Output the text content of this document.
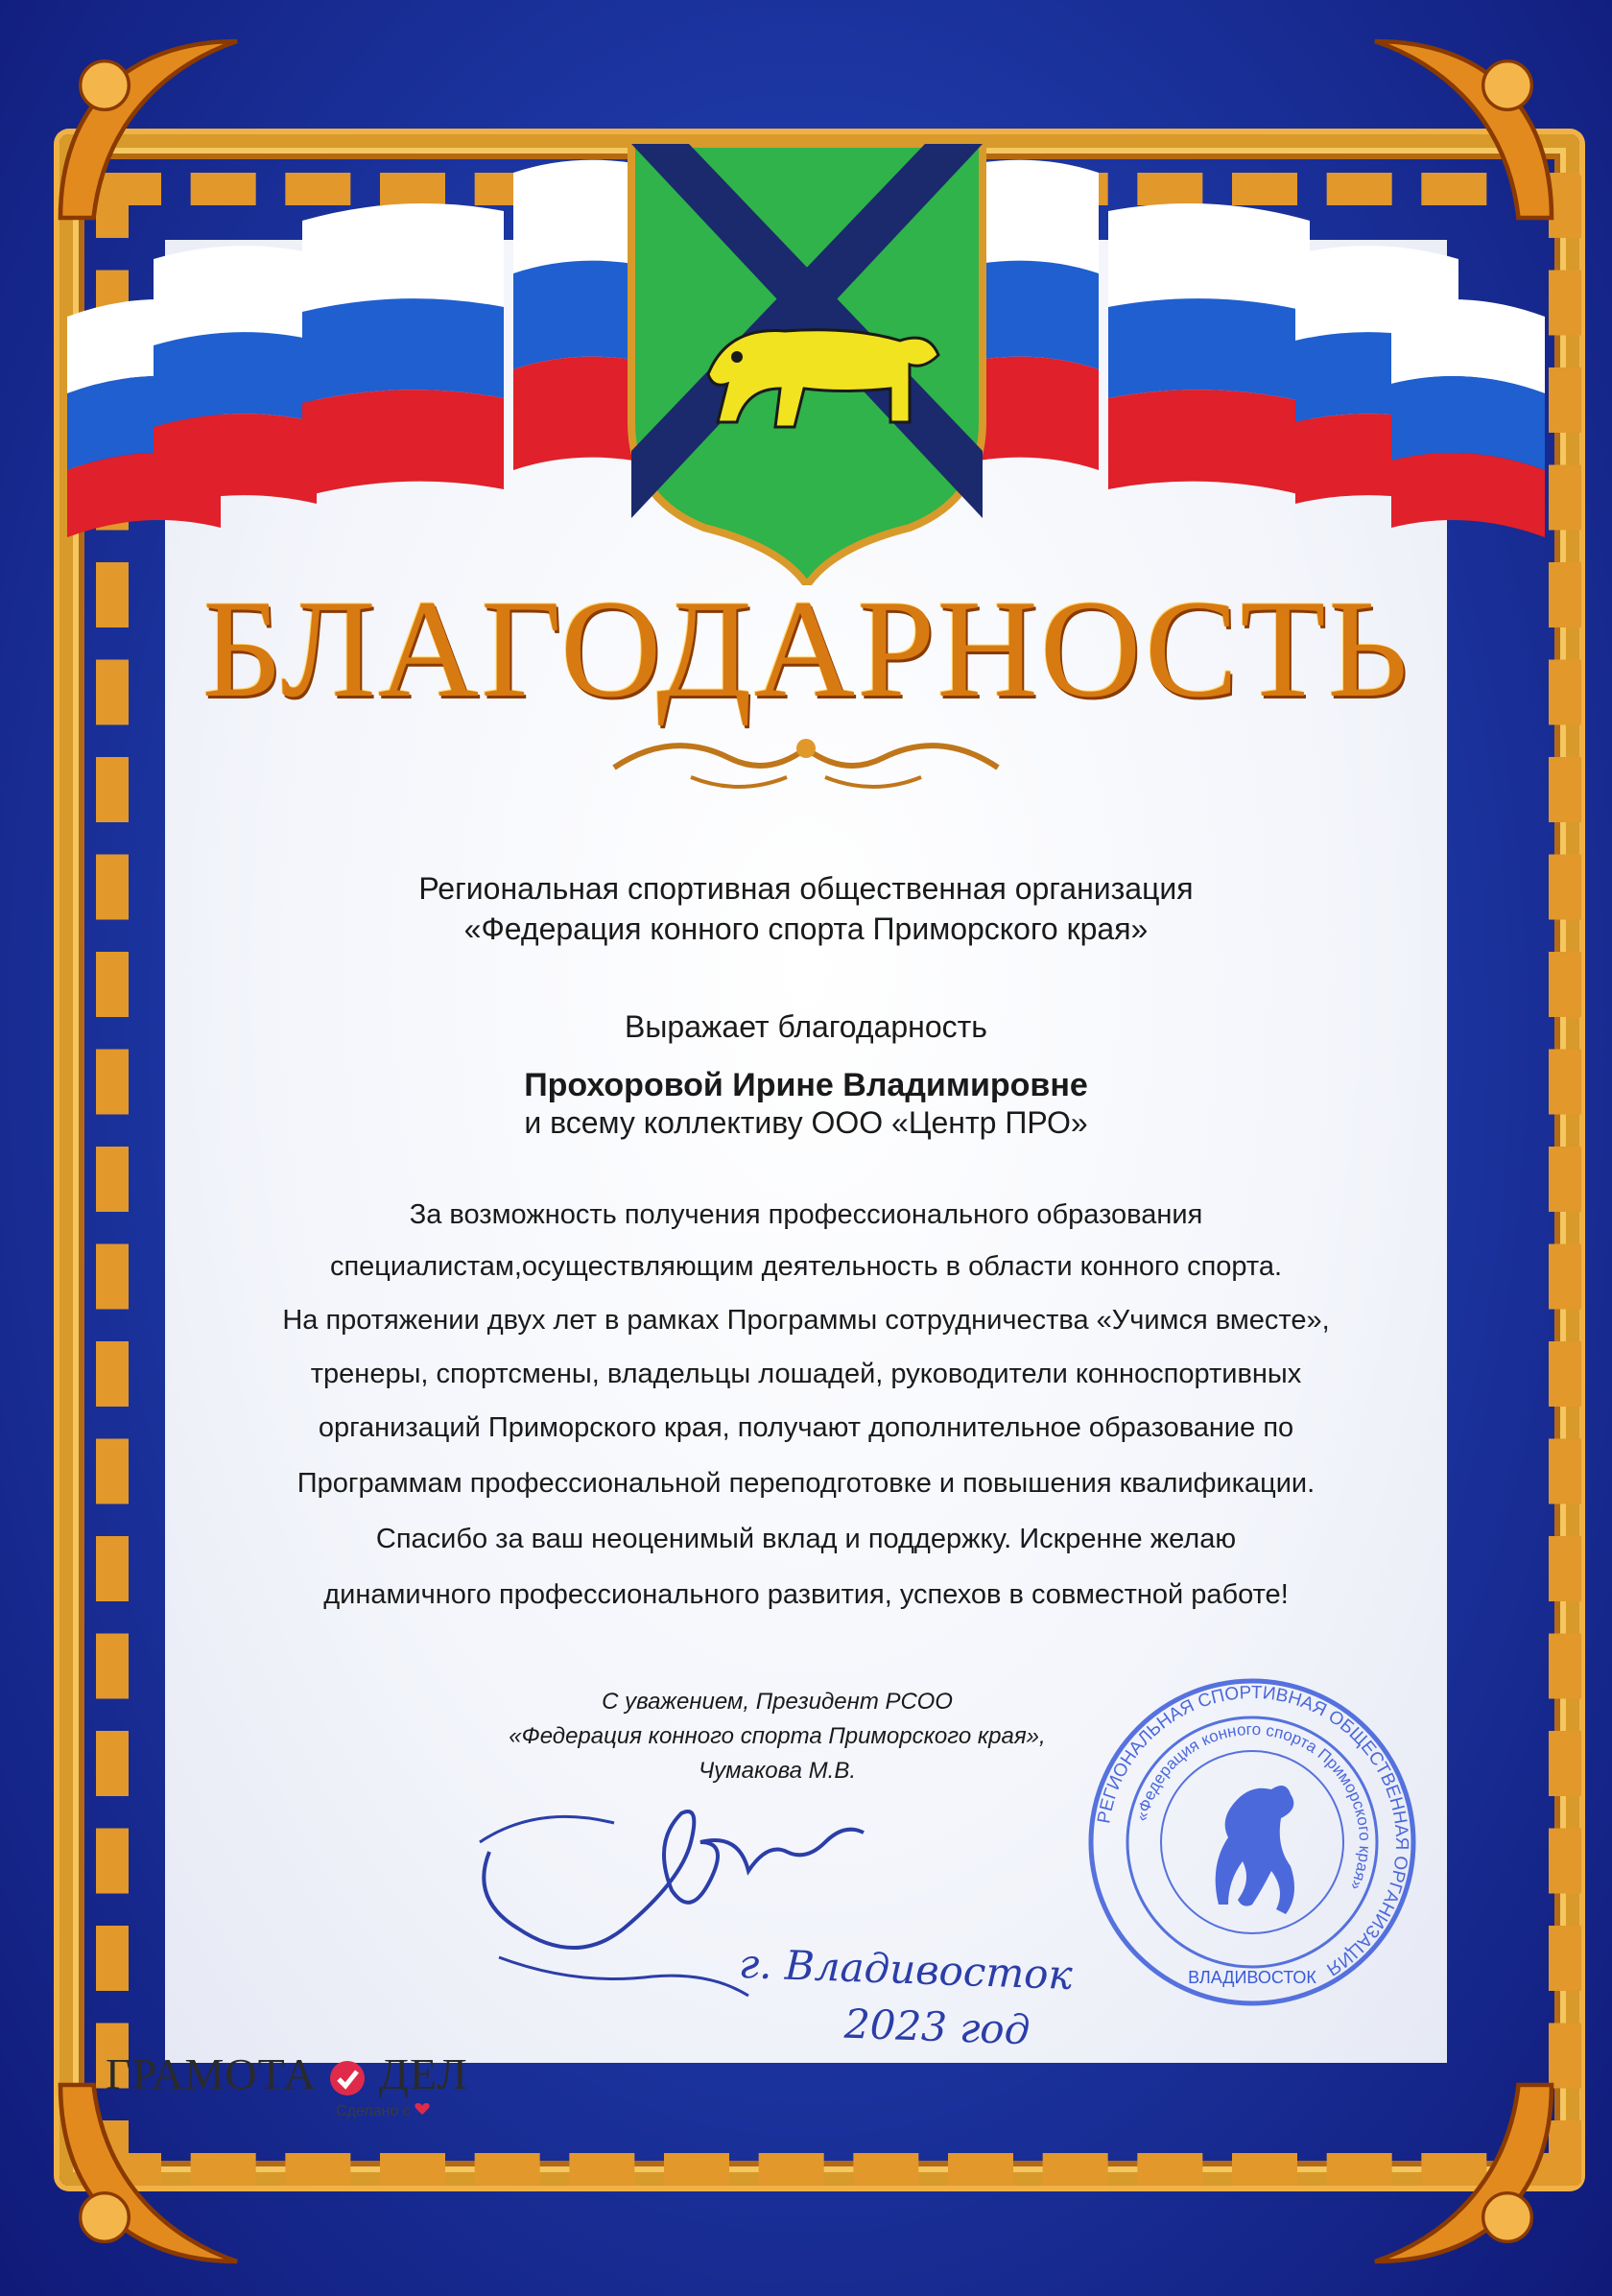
БЛАГОДАРНОСТЬ
Региональная спортивная общественная организация
«Федерация конного спорта Приморского края»
Выражает благодарность
Прохоровой Ирине Владимировне
и всему коллективу ООО «Центр ПРО»
За возможность получения профессионального образования
специалистам,осуществляющим деятельность в области конного спорта.
На протяжении двух лет в рамках Программы сотрудничества «Учимся вместе»,
тренеры, спортсмены, владельцы лошадей, руководители конноспортивных
организаций Приморского края, получают дополнительное образование по
Программам профессиональной переподготовке и повышения квалификации.
Спасибо за ваш неоценимый вклад и поддержку. Искренне желаю
динамичного профессионального развития, успехов в совместной работе!
С уважением, Президент РСОО
«Федерация конного спорта Приморского края»,
Чумакова М.В.
г. Владивосток
2023 год
РЕГИОНАЛЬНАЯ СПОРТИВНАЯ ОБЩЕСТВЕННАЯ ОРГАНИЗАЦИЯ
«Федерация конного спорта Приморского края»
ВЛАДИВОСТОК
ГРАМОТА ДЕЛ
Сделано с
